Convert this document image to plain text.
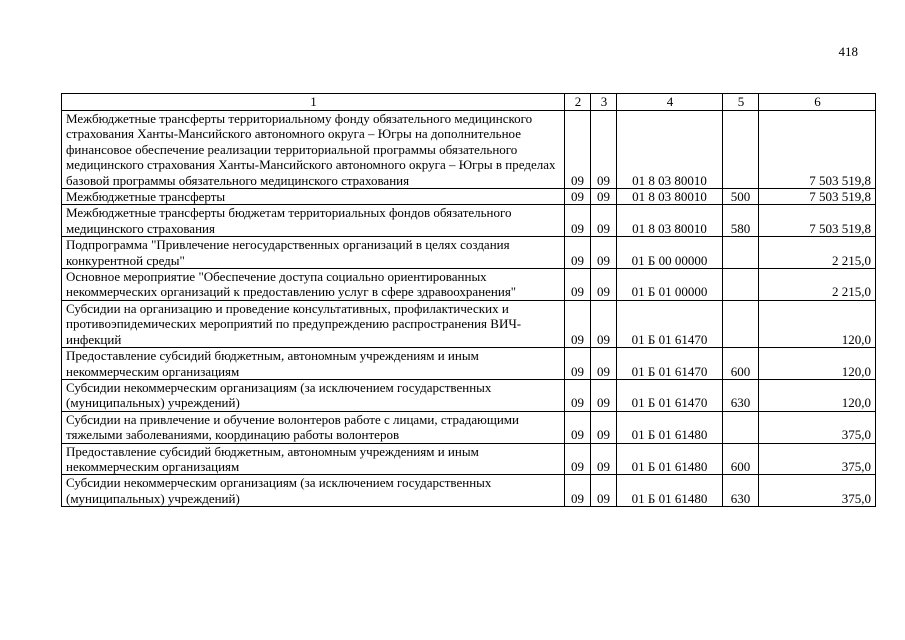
418
1	2	3	4	5	6
Межбюджетные трансферты территориальному фонду обязательного медицинского страхования Ханты-Мансийского автономного округа – Югры на дополнительное финансовое обеспечение реализации территориальной программы обязательного медицинского страхования Ханты-Мансийского автономного округа – Югры в пределах базовой программы обязательного медицинского страхования	09	09	01 8 03 80010		7 503 519,8
Межбюджетные трансферты	09	09	01 8 03 80010	500	7 503 519,8
Межбюджетные трансферты бюджетам территориальных фондов обязательного медицинского страхования	09	09	01 8 03 80010	580	7 503 519,8
Подпрограмма "Привлечение негосударственных организаций в целях создания конкурентной среды"	09	09	01 Б 00 00000		2 215,0
Основное мероприятие "Обеспечение доступа социально ориентированных некоммерческих организаций к предоставлению услуг в сфере здравоохранения"	09	09	01 Б 01 00000		2 215,0
Субсидии на организацию и проведение консультативных, профилактических и противоэпидемических мероприятий по предупреждению распространения ВИЧ-инфекций	09	09	01 Б 01 61470		120,0
Предоставление субсидий бюджетным, автономным учреждениям и иным некоммерческим организациям	09	09	01 Б 01 61470	600	120,0
Субсидии некоммерческим организациям (за исключением государственных (муниципальных) учреждений)	09	09	01 Б 01 61470	630	120,0
Субсидии на привлечение и обучение волонтеров работе с лицами, страдающими тяжелыми заболеваниями, координацию работы волонтеров	09	09	01 Б 01 61480		375,0
Предоставление субсидий бюджетным, автономным учреждениям и иным некоммерческим организациям	09	09	01 Б 01 61480	600	375,0
Субсидии некоммерческим организациям (за исключением государственных (муниципальных) учреждений)	09	09	01 Б 01 61480	630	375,0
